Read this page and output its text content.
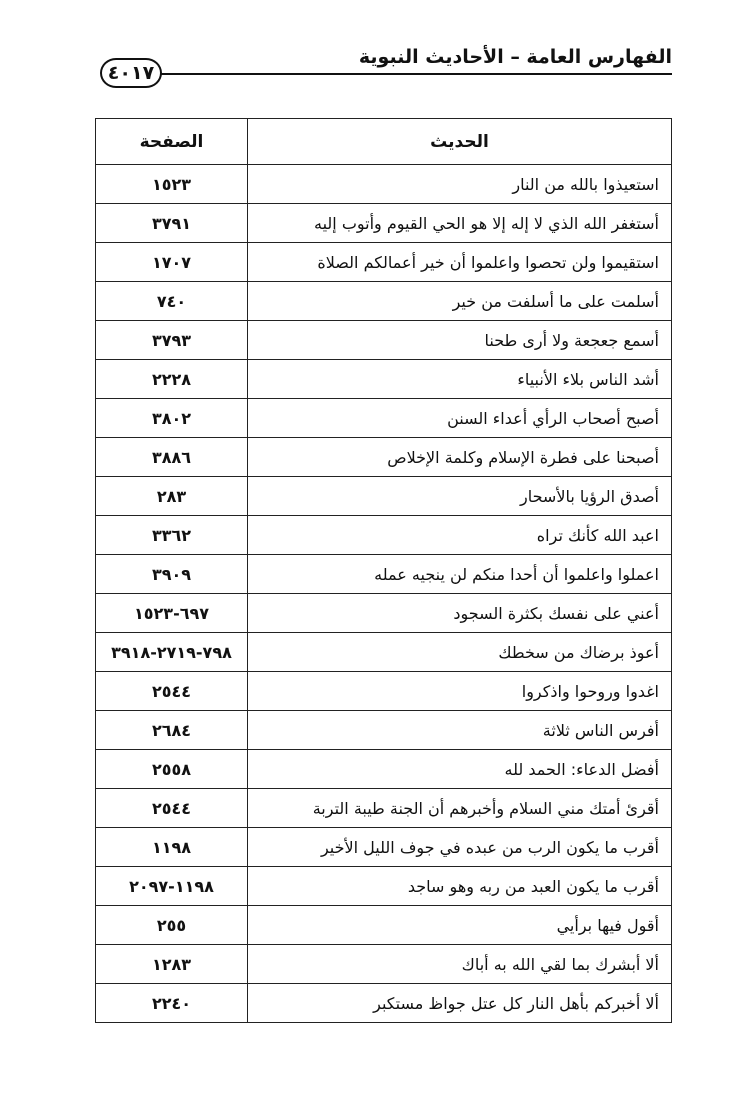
الفهارس العامة – الأحاديث النبوية
٤٠١٧
الحديث	الصفحة
استعيذوا بالله من النار	١٥٢٣
أستغفر الله الذي لا إله إلا هو الحي القيوم وأتوب إليه	٣٧٩١
استقيموا ولن تحصوا واعلموا أن خير أعمالكم الصلاة	١٧٠٧
أسلمت على ما أسلفت من خير	٧٤٠
أسمع جعجعة ولا أرى طحنا	٣٧٩٣
أشد الناس بلاء الأنبياء	٢٢٢٨
أصبح أصحاب الرأي أعداء السنن	٣٨٠٢
أصبحنا على فطرة الإسلام وكلمة الإخلاص	٣٨٨٦
أصدق الرؤيا بالأسحار	٢٨٣
اعبد الله كأنك تراه	٣٣٦٢
اعملوا واعلموا أن أحدا منكم لن ينجيه عمله	٣٩٠٩
أعني على نفسك بكثرة السجود	٦٩٧-١٥٢٣
أعوذ برضاك من سخطك	٧٩٨-٢٧١٩-٣٩١٨
اغدوا وروحوا واذكروا	٢٥٤٤
أفرس الناس ثلاثة	٢٦٨٤
أفضل الدعاء: الحمد لله	٢٥٥٨
أقرئ أمتك مني السلام وأخبرهم أن الجنة طيبة التربة	٢٥٤٤
أقرب ما يكون الرب من عبده في جوف الليل الأخير	١١٩٨
أقرب ما يكون العبد من ربه وهو ساجد	١١٩٨-٢٠٩٧
أقول فيها برأيي	٢٥٥
ألا أبشرك بما لقي الله به أباك	١٢٨٣
ألا أخبركم بأهل النار كل عتل جواظ مستكبر	٢٢٤٠
